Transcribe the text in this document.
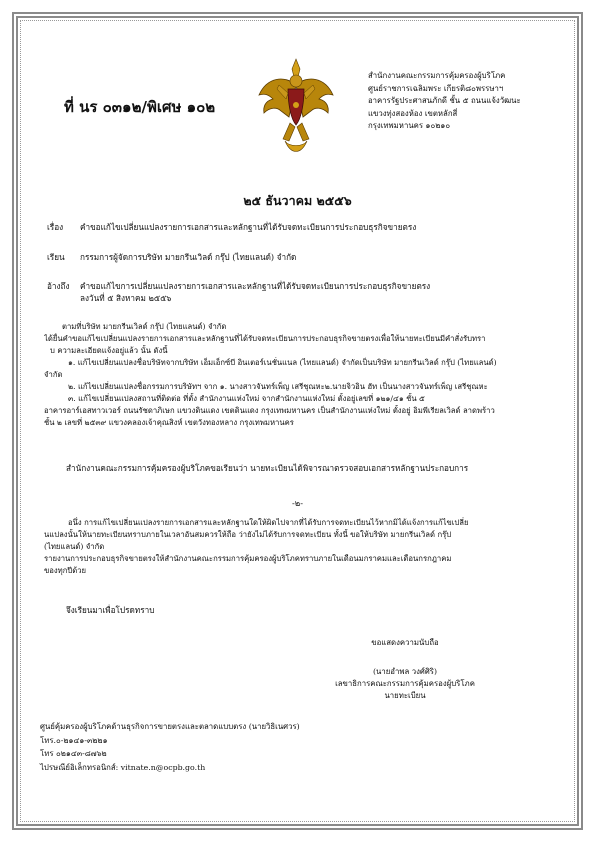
ที่ นร ๐๓๑๒/พิเศษ ๑๐๒
สำนักงานคณะกรรมการคุ้มครองผู้บริโภค
ศูนย์ราชการเฉลิมพระ เกียรติ๘๐พรรษาฯ
อาคารรัฐประศาสนภักดี ชั้น ๕ ถนนแจ้งวัฒนะ
แขวงทุ่งสองห้อง เขตหลักสี่
กรุงเทพมหานคร ๑๐๒๑๐
๒๕ ธันวาคม ๒๕๕๖
เรื่อง คำขอแก้ไขเปลี่ยนแปลงรายการเอกสารและหลักฐานที่ได้รับจดทะเบียนการประกอบธุรกิจขายตรง
เรียน กรรมการผู้จัดการบริษัท มายกรีนเวิลด์ กรุ๊ป (ไทยแลนด์) จำกัด
อ้างถึง คำขอแก้ไขการเปลี่ยนแปลงรายการเอกสารและหลักฐานที่ได้รับจดทะเบียนการประกอบธุรกิจขายตรง
ลงวันที่ ๕ สิงหาคม ๒๕๕๖
ตามที่บริษัท มายกรีนเวิลด์ กรุ๊ป (ไทยแลนด์) จำกัด
ได้ยื่นคำขอแก้ไขเปลี่ยนแปลงรายการเอกสารและหลักฐานที่ได้รับจดทะเบียนการประกอบธุรกิจขายตรงเพื่อให้นายทะเบียนมีคำสั่งรับทรา
บ ความละเอียดแจ้งอยู่แล้ว นั้น ดังนี้
๑. แก้ไขเปลี่ยนแปลงชื่อบริษัทจากบริษัท เอ็มเอ็กซ์บี อินเตอร์เนชั่นแนล (ไทยแลนด์) จำกัดเป็นบริษัท มายกรีนเวิลด์ กรุ๊ป (ไทยแลนด์)
จำกัด
๒. แก้ไขเปลี่ยนแปลงชื่อกรรมการบริษัทฯ จาก ๑. นางสาวจันทร์เพ็ญ เสรีชุณหะ๒.นายจิวอิน ฮัท เป็นนางสาวจันทร์เพ็ญ เสรีชุณหะ
๓. แก้ไขเปลี่ยนแปลงสถานที่ติดต่อ ที่ตั้ง สำนักงานแห่งใหม่ จากสำนักงานแห่งใหม่ ตั้งอยู่เลขที่ ๑๒๑/๔๑ ชั้น ๕
อาคารอาร์เอสทาวเวอร์ ถนนรัชดาภิเษก แขวงดินแดง เขตดินแดง กรุงเทพมหานคร เป็นสำนักงานแห่งใหม่ ตั้งอยู่ อิมพีเรียลเวิลด์ ลาดพร้าว
ชั้น ๒ เลขที่ ๒๕๓๙ แขวงคลองเจ้าคุณสิงห์ เขตวังทองหลาง กรุงเทพมหานคร
สำนักงานคณะกรรมการคุ้มครองผู้บริโภคขอเรียนว่า นายทะเบียนได้พิจารณาตรวจสอบเอกสารหลักฐานประกอบการ
-๒-
อนึ่ง การแก้ไขเปลี่ยนแปลงรายการเอกสารและหลักฐานใดให้ผิดไปจากที่ได้รับการจดทะเบียนไว้หากมิได้แจ้งการแก้ไขเปลี่ย
นแปลงนั้นให้นายทะเบียนทราบภายในเวลาอันสมควรให้ถือ ว่ายังไม่ได้รับการจดทะเบียน ทั้งนี้ ขอให้บริษัท มายกรีนเวิลด์ กรุ๊ป
(ไทยแลนด์) จำกัด
รายงานการประกอบธุรกิจขายตรงให้สำนักงานคณะกรรมการคุ้มครองผู้บริโภคทราบภายในเดือนมกราคมและเดือนกรกฎาคม
ของทุกปีด้วย
จึงเรียนมาเพื่อโปรดทราบ
ขอแสดงความนับถือ
(นายอำพล วงศ์ศิริ)
เลขาธิการคณะกรรมการคุ้มครองผู้บริโภค
นายทะเบียน
ศูนย์คุ้มครองผู้บริโภคด้านธุรกิจการขายตรงและตลาดแบบตรง (นายวิธิเนศวร)
โทร.๐-๒๑๔๑-๓๒๒๑
โทร ๐๒๑๔๓-๘๗๖๒
ไปรษณีย์อิเล็กทรอนิกส์: vitnate.n@ocpb.go.th
